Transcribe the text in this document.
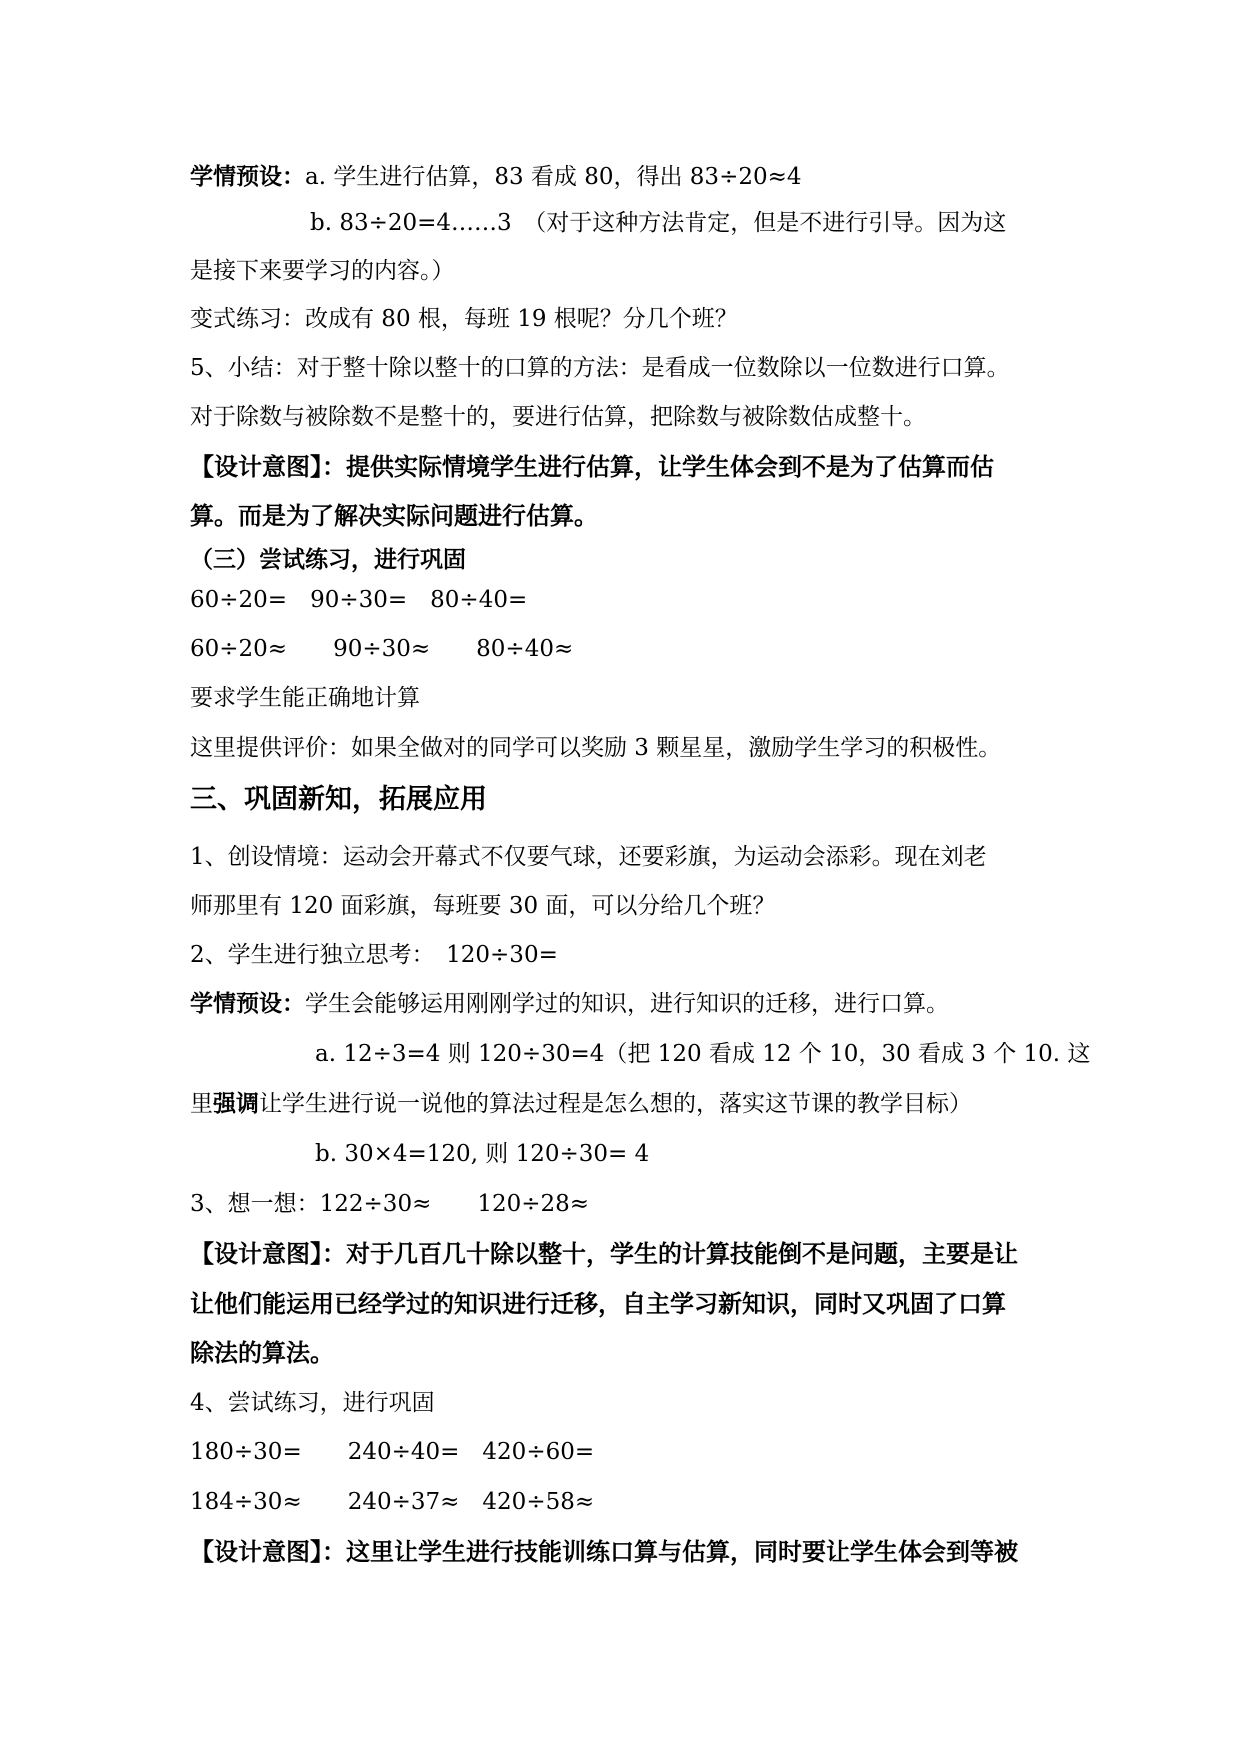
学情预设：a. 学生进行估算，83 看成 80，得出 83÷20≈4
b. 83÷20=4……3　（对于这种方法肯定，但是不进行引导。因为这
是接下来要学习的内容。）
变式练习：改成有 80 根，每班 19 根呢？分几个班？
5、小结：对于整十除以整十的口算的方法：是看成一位数除以一位数进行口算。
对于除数与被除数不是整十的，要进行估算，把除数与被除数估成整十。
【设计意图】：提供实际情境学生进行估算，让学生体会到不是为了估算而估
算。而是为了解决实际问题进行估算。
（三）尝试练习，进行巩固
60÷20=　90÷30=　80÷40=
60÷20≈　　90÷30≈　　80÷40≈
要求学生能正确地计算
这里提供评价：如果全做对的同学可以奖励 3 颗星星，激励学生学习的积极性。
三、巩固新知，拓展应用
1、创设情境：运动会开幕式不仅要气球，还要彩旗，为运动会添彩。现在刘老
师那里有 120 面彩旗，每班要 30 面，可以分给几个班？
2、学生进行独立思考：　120÷30=
学情预设：学生会能够运用刚刚学过的知识，进行知识的迁移，进行口算。
a. 12÷3=4 则 120÷30=4（把 120 看成 12 个 10，30 看成 3 个 10. 这
里强调让学生进行说一说他的算法过程是怎么想的，落实这节课的教学目标）
b. 30×4=120, 则 120÷30= 4
3、想一想：122÷30≈　　120÷28≈
【设计意图】：对于几百几十除以整十，学生的计算技能倒不是问题，主要是让
让他们能运用已经学过的知识进行迁移，自主学习新知识，同时又巩固了口算
除法的算法。
4、尝试练习，进行巩固
180÷30=　　240÷40=　420÷60=
184÷30≈　　240÷37≈　420÷58≈
【设计意图】：这里让学生进行技能训练口算与估算，同时要让学生体会到等被
